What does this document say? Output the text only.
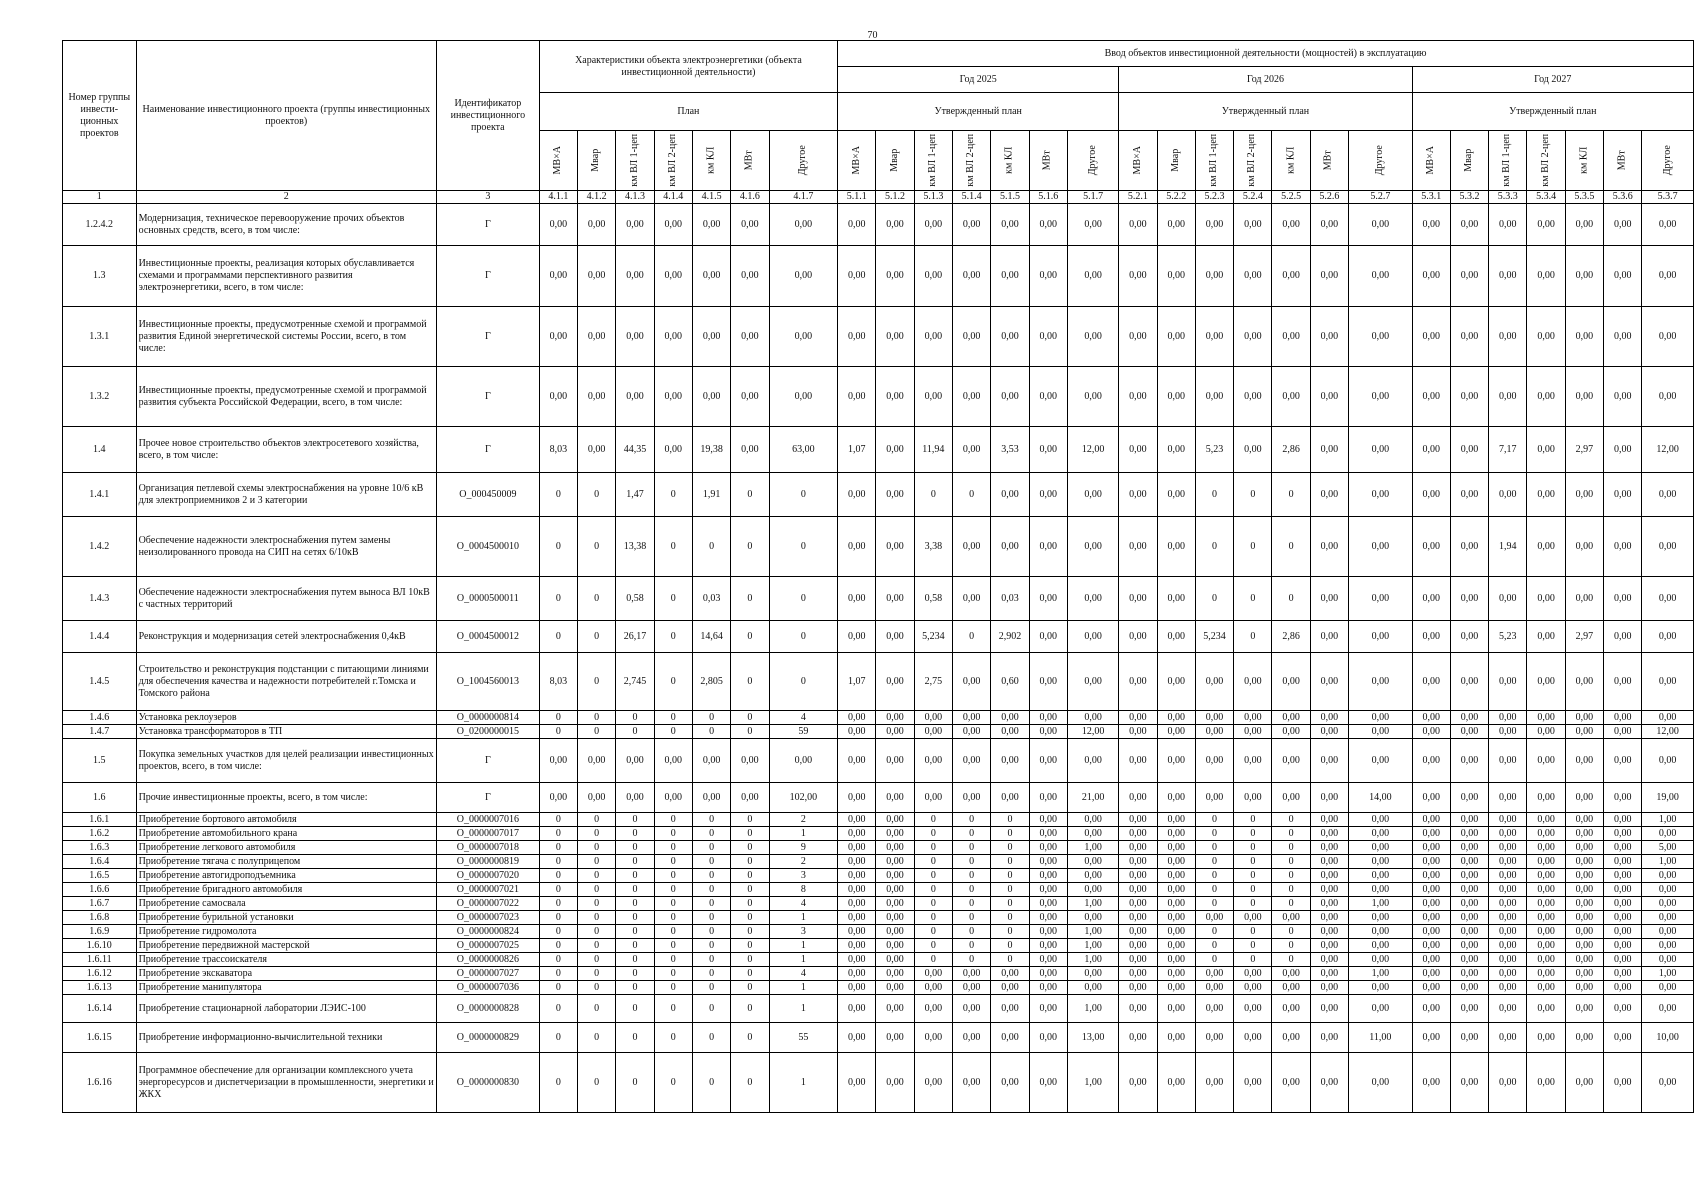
70
Номер группы инвести-ционных проектов	Наименование инвестиционного проекта (группы инвестиционных проектов)	Идентификатор инвестиционного проекта	Характеристики объекта электроэнергетики (объекта инвестиционной деятельности)							Ввод объектов инвестиционной деятельности (мощностей) в эксплуатацию																				
										Год 2025							Год 2026							Год 2027						
			План							Утвержденный план							Утвержденный план							Утвержденный план						

			МВ×А	Мвар	км ВЛ 1-цеп	км ВЛ 2-цеп	км КЛ	МВт	Другое	МВ×А	Мвар	км ВЛ 1-цеп	км ВЛ 2-цеп	км КЛ	МВт	Другое	МВ×А	Мвар	км ВЛ 1-цеп	км ВЛ 2-цеп	км КЛ	МВт	Другое	МВ×А	Мвар	км ВЛ 1-цеп	км ВЛ 2-цеп	км КЛ	МВт	Другое

1	2	3	4.1.1	4.1.2	4.1.3	4.1.4	4.1.5	4.1.6	4.1.7	5.1.1	5.1.2	5.1.3	5.1.4	5.1.5	5.1.6	5.1.7	5.2.1	5.2.2	5.2.3	5.2.4	5.2.5	5.2.6	5.2.7	5.3.1	5.3.2	5.3.3	5.3.4	5.3.5	5.3.6	5.3.7
1.2.4.2	Модернизация, техническое перевооружение прочих объектов основных средств, всего, в том числе:	Г	0,00	0,00	0,00	0,00	0,00	0,00	0,00	0,00	0,00	0,00	0,00	0,00	0,00	0,00	0,00	0,00	0,00	0,00	0,00	0,00	0,00	0,00	0,00	0,00	0,00	0,00	0,00	0,00
1.3	Инвестиционные проекты, реализация которых обуславливается схемами и программами перспективного развития электроэнергетики, всего, в том числе:	Г	0,00	0,00	0,00	0,00	0,00	0,00	0,00	0,00	0,00	0,00	0,00	0,00	0,00	0,00	0,00	0,00	0,00	0,00	0,00	0,00	0,00	0,00	0,00	0,00	0,00	0,00	0,00	0,00
1.3.1	Инвестиционные проекты, предусмотренные схемой и программой развития Единой энергетической системы России, всего, в том числе:	Г	0,00	0,00	0,00	0,00	0,00	0,00	0,00	0,00	0,00	0,00	0,00	0,00	0,00	0,00	0,00	0,00	0,00	0,00	0,00	0,00	0,00	0,00	0,00	0,00	0,00	0,00	0,00	0,00
1.3.2	Инвестиционные проекты, предусмотренные схемой и программой развития субъекта Российской Федерации, всего, в том числе:	Г	0,00	0,00	0,00	0,00	0,00	0,00	0,00	0,00	0,00	0,00	0,00	0,00	0,00	0,00	0,00	0,00	0,00	0,00	0,00	0,00	0,00	0,00	0,00	0,00	0,00	0,00	0,00	0,00
1.4	Прочее новое строительство объектов электросетевого хозяйства, всего, в том числе:	Г	8,03	0,00	44,35	0,00	19,38	0,00	63,00	1,07	0,00	11,94	0,00	3,53	0,00	12,00	0,00	0,00	5,23	0,00	2,86	0,00	0,00	0,00	0,00	7,17	0,00	2,97	0,00	12,00
1.4.1	Организация петлевой схемы электроснабжения на уровне 10/6 кВ для электроприемников 2 и 3 категории	О_000450009	0	0	1,47	0	1,91	0	0	0,00	0,00	0	0	0,00	0,00	0,00	0,00	0,00	0	0	0	0,00	0,00	0,00	0,00	0,00	0,00	0,00	0,00	0,00
1.4.2	Обеспечение надежности электроснабжения путем замены неизолированного провода на СИП на сетях 6/10кВ	О_0004500010	0	0	13,38	0	0	0	0	0,00	0,00	3,38	0,00	0,00	0,00	0,00	0,00	0,00	0	0	0	0,00	0,00	0,00	0,00	1,94	0,00	0,00	0,00	0,00
1.4.3	Обеспечение надежности электроснабжения путем выноса ВЛ 10кВ с частных территорий	О_0000500011	0	0	0,58	0	0,03	0	0	0,00	0,00	0,58	0,00	0,03	0,00	0,00	0,00	0,00	0	0	0	0,00	0,00	0,00	0,00	0,00	0,00	0,00	0,00	0,00
1.4.4	Реконструкция и модернизация сетей электроснабжения 0,4кВ	О_0004500012	0	0	26,17	0	14,64	0	0	0,00	0,00	5,234	0	2,902	0,00	0,00	0,00	0,00	5,234	0	2,86	0,00	0,00	0,00	0,00	5,23	0,00	2,97	0,00	0,00
1.4.5	Строительство и реконструкция подстанции с питающими линиями для обеспечения качества и надежности потребителей г.Томска и Томского района	О_1004560013	8,03	0	2,745	0	2,805	0	0	1,07	0,00	2,75	0,00	0,60	0,00	0,00	0,00	0,00	0,00	0,00	0,00	0,00	0,00	0,00	0,00	0,00	0,00	0,00	0,00	0,00
1.4.6	Установка реклоузеров	О_0000000814	0	0	0	0	0	0	4	0,00	0,00	0,00	0,00	0,00	0,00	0,00	0,00	0,00	0,00	0,00	0,00	0,00	0,00	0,00	0,00	0,00	0,00	0,00	0,00	0,00
1.4.7	Установка трансформаторов в ТП	О_0200000015	0	0	0	0	0	0	59	0,00	0,00	0,00	0,00	0,00	0,00	12,00	0,00	0,00	0,00	0,00	0,00	0,00	0,00	0,00	0,00	0,00	0,00	0,00	0,00	12,00
1.5	Покупка земельных участков для целей реализации инвестиционных проектов, всего, в том числе:	Г	0,00	0,00	0,00	0,00	0,00	0,00	0,00	0,00	0,00	0,00	0,00	0,00	0,00	0,00	0,00	0,00	0,00	0,00	0,00	0,00	0,00	0,00	0,00	0,00	0,00	0,00	0,00	0,00
1.6	Прочие инвестиционные проекты, всего, в том числе:	Г	0,00	0,00	0,00	0,00	0,00	0,00	102,00	0,00	0,00	0,00	0,00	0,00	0,00	21,00	0,00	0,00	0,00	0,00	0,00	0,00	14,00	0,00	0,00	0,00	0,00	0,00	0,00	19,00
1.6.1	Приобретение бортового автомобиля	О_0000007016	0	0	0	0	0	0	2	0,00	0,00	0	0	0	0,00	0,00	0,00	0,00	0	0	0	0,00	0,00	0,00	0,00	0,00	0,00	0,00	0,00	1,00
1.6.2	Приобретение автомобильного крана	О_0000007017	0	0	0	0	0	0	1	0,00	0,00	0	0	0	0,00	0,00	0,00	0,00	0	0	0	0,00	0,00	0,00	0,00	0,00	0,00	0,00	0,00	0,00
1.6.3	Приобретение легкового автомобиля	О_0000007018	0	0	0	0	0	0	9	0,00	0,00	0	0	0	0,00	1,00	0,00	0,00	0	0	0	0,00	0,00	0,00	0,00	0,00	0,00	0,00	0,00	5,00
1.6.4	Приобретение тягача с полуприцепом	О_0000000819	0	0	0	0	0	0	2	0,00	0,00	0	0	0	0,00	0,00	0,00	0,00	0	0	0	0,00	0,00	0,00	0,00	0,00	0,00	0,00	0,00	1,00
1.6.5	Приобретение автогидроподъемника	О_0000007020	0	0	0	0	0	0	3	0,00	0,00	0	0	0	0,00	0,00	0,00	0,00	0	0	0	0,00	0,00	0,00	0,00	0,00	0,00	0,00	0,00	0,00
1.6.6	Приобретение бригадного автомобиля	О_0000007021	0	0	0	0	0	0	8	0,00	0,00	0	0	0	0,00	0,00	0,00	0,00	0	0	0	0,00	0,00	0,00	0,00	0,00	0,00	0,00	0,00	0,00
1.6.7	Приобретение самосвала	О_0000007022	0	0	0	0	0	0	4	0,00	0,00	0	0	0	0,00	1,00	0,00	0,00	0	0	0	0,00	1,00	0,00	0,00	0,00	0,00	0,00	0,00	0,00
1.6.8	Приобретение бурильной установки	О_0000007023	0	0	0	0	0	0	1	0,00	0,00	0	0	0	0,00	0,00	0,00	0,00	0,00	0,00	0,00	0,00	0,00	0,00	0,00	0,00	0,00	0,00	0,00	0,00
1.6.9	Приобретение гидромолота	О_0000000824	0	0	0	0	0	0	3	0,00	0,00	0	0	0	0,00	1,00	0,00	0,00	0	0	0	0,00	0,00	0,00	0,00	0,00	0,00	0,00	0,00	0,00
1.6.10	Приобретение передвижной мастерской	О_0000007025	0	0	0	0	0	0	1	0,00	0,00	0	0	0	0,00	1,00	0,00	0,00	0	0	0	0,00	0,00	0,00	0,00	0,00	0,00	0,00	0,00	0,00
1.6.11	Приобретение трассоискателя	О_0000000826	0	0	0	0	0	0	1	0,00	0,00	0	0	0	0,00	1,00	0,00	0,00	0	0	0	0,00	0,00	0,00	0,00	0,00	0,00	0,00	0,00	0,00
1.6.12	Приобретение экскаватора	О_0000007027	0	0	0	0	0	0	4	0,00	0,00	0,00	0,00	0,00	0,00	0,00	0,00	0,00	0,00	0,00	0,00	0,00	1,00	0,00	0,00	0,00	0,00	0,00	0,00	1,00
1.6.13	Приобретение манипулятора	О_0000007036	0	0	0	0	0	0	1	0,00	0,00	0,00	0,00	0,00	0,00	0,00	0,00	0,00	0,00	0,00	0,00	0,00	0,00	0,00	0,00	0,00	0,00	0,00	0,00	0,00
1.6.14	Приобретение стационарной лаборатории ЛЭИС-100	О_0000000828	0	0	0	0	0	0	1	0,00	0,00	0,00	0,00	0,00	0,00	1,00	0,00	0,00	0,00	0,00	0,00	0,00	0,00	0,00	0,00	0,00	0,00	0,00	0,00	0,00
1.6.15	Приобретение информационно-вычислительной техники	О_0000000829	0	0	0	0	0	0	55	0,00	0,00	0,00	0,00	0,00	0,00	13,00	0,00	0,00	0,00	0,00	0,00	0,00	11,00	0,00	0,00	0,00	0,00	0,00	0,00	10,00
1.6.16	Программное обеспечение для организации комплексного учета энергоресурсов и диспетчеризации в промышленности, энергетики и ЖКХ	О_0000000830	0	0	0	0	0	0	1	0,00	0,00	0,00	0,00	0,00	0,00	1,00	0,00	0,00	0,00	0,00	0,00	0,00	0,00	0,00	0,00	0,00	0,00	0,00	0,00	0,00
